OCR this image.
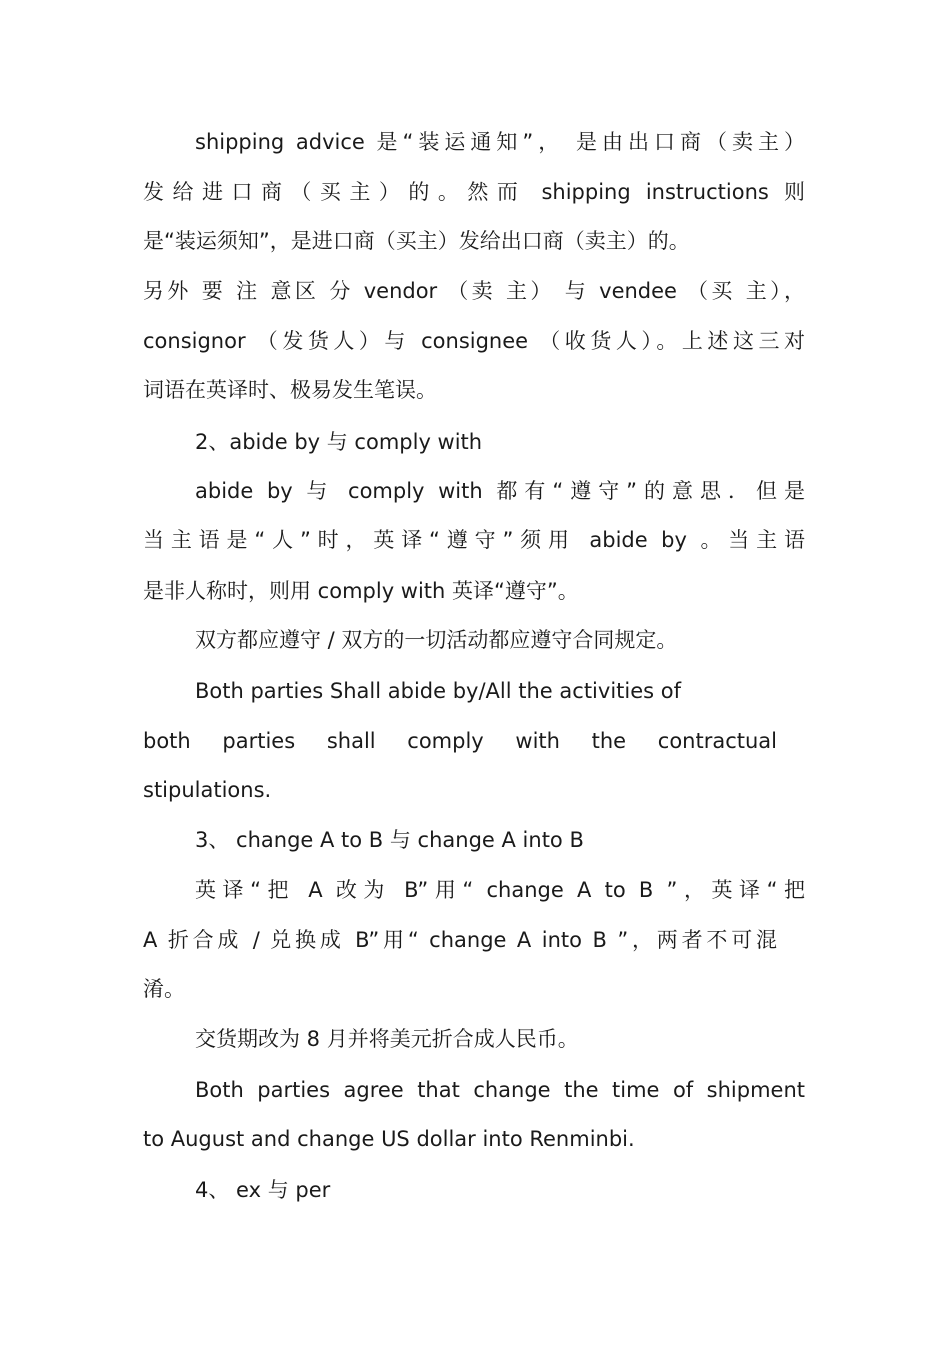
shipping advice 是“装运通知”， 是由出口商（卖主）
发给进口商（买主）的。然而 shipping instructions 则
是“装运须知”，是进口商（买主）发给出口商（卖主）的。
另外 要 注 意区 分 vendor （卖 主） 与 vendee （买 主），
consignor （发货人）与 consignee （收货人）。上述这三对
词语在英译时、极易发生笔误。
2、abide by 与 comply with
abide by 与 comply with 都有“遵守”的意思．但是
当主语是“人”时，英译“遵守”须用 abide by 。当主语
是非人称时，则用 comply with 英译“遵守”。
双方都应遵守 / 双方的一切活动都应遵守合同规定。
Both parties Shall abide by/All the activities of
both parties shall comply with the contractual
stipulations.
3、 change A to B 与 change A into B
英译“把 A 改为 B”用“ change A to B ”，英译“把
A 折合成 / 兑换成 B”用“ change A into B ”，两者不可混
淆。
交货期改为 8 月并将美元折合成人民币。
Both parties agree that change the time of shipment
to August and change US dollar into Renminbi.
4、 ex 与 per
